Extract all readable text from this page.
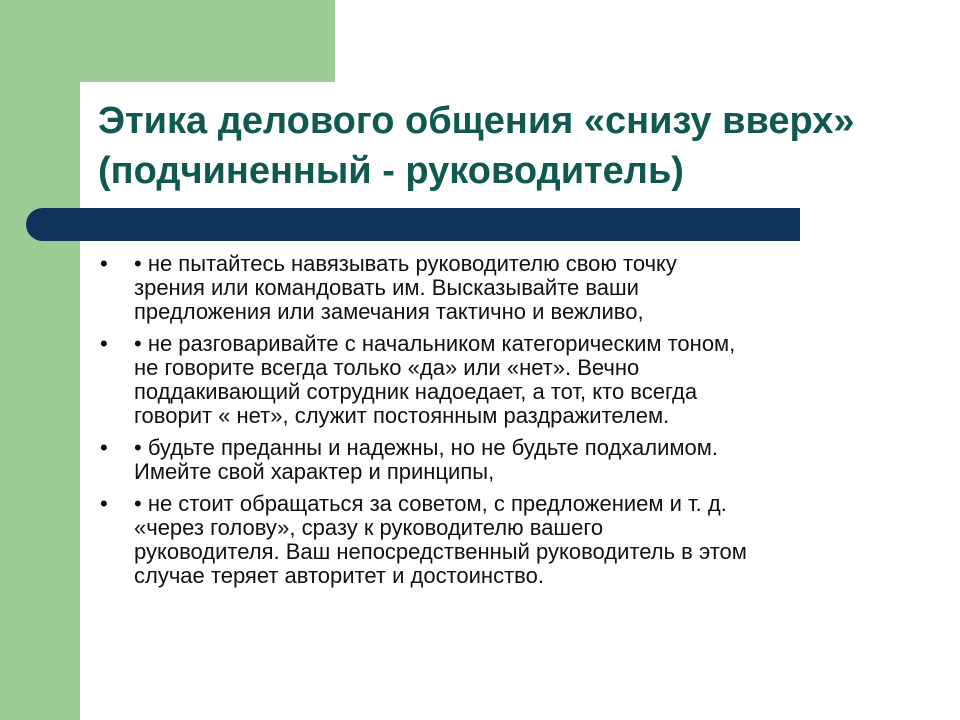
Этика делового общения «снизу вверх» (подчиненный - руководитель)
• • не пытайтесь навязывать руководителю свою точку
зрения или командовать им. Высказывайте ваши
предложения или замечания тактично и вежливо,
• • не разговаривайте с начальником категорическим тоном,
не говорите всегда только «да» или «нет». Вечно
поддакивающий сотрудник надоедает, а тот, кто всегда
говорит « нет», служит постоянным раздражителем.
• • будьте преданны и надежны, но не будьте подхалимом.
Имейте свой характер и принципы,
• • не стоит обращаться за советом, с предложением и т. д.
«через голову», сразу к руководителю вашего
руководителя. Ваш непосредственный руководитель в этом
случае теряет авторитет и достоинство.
